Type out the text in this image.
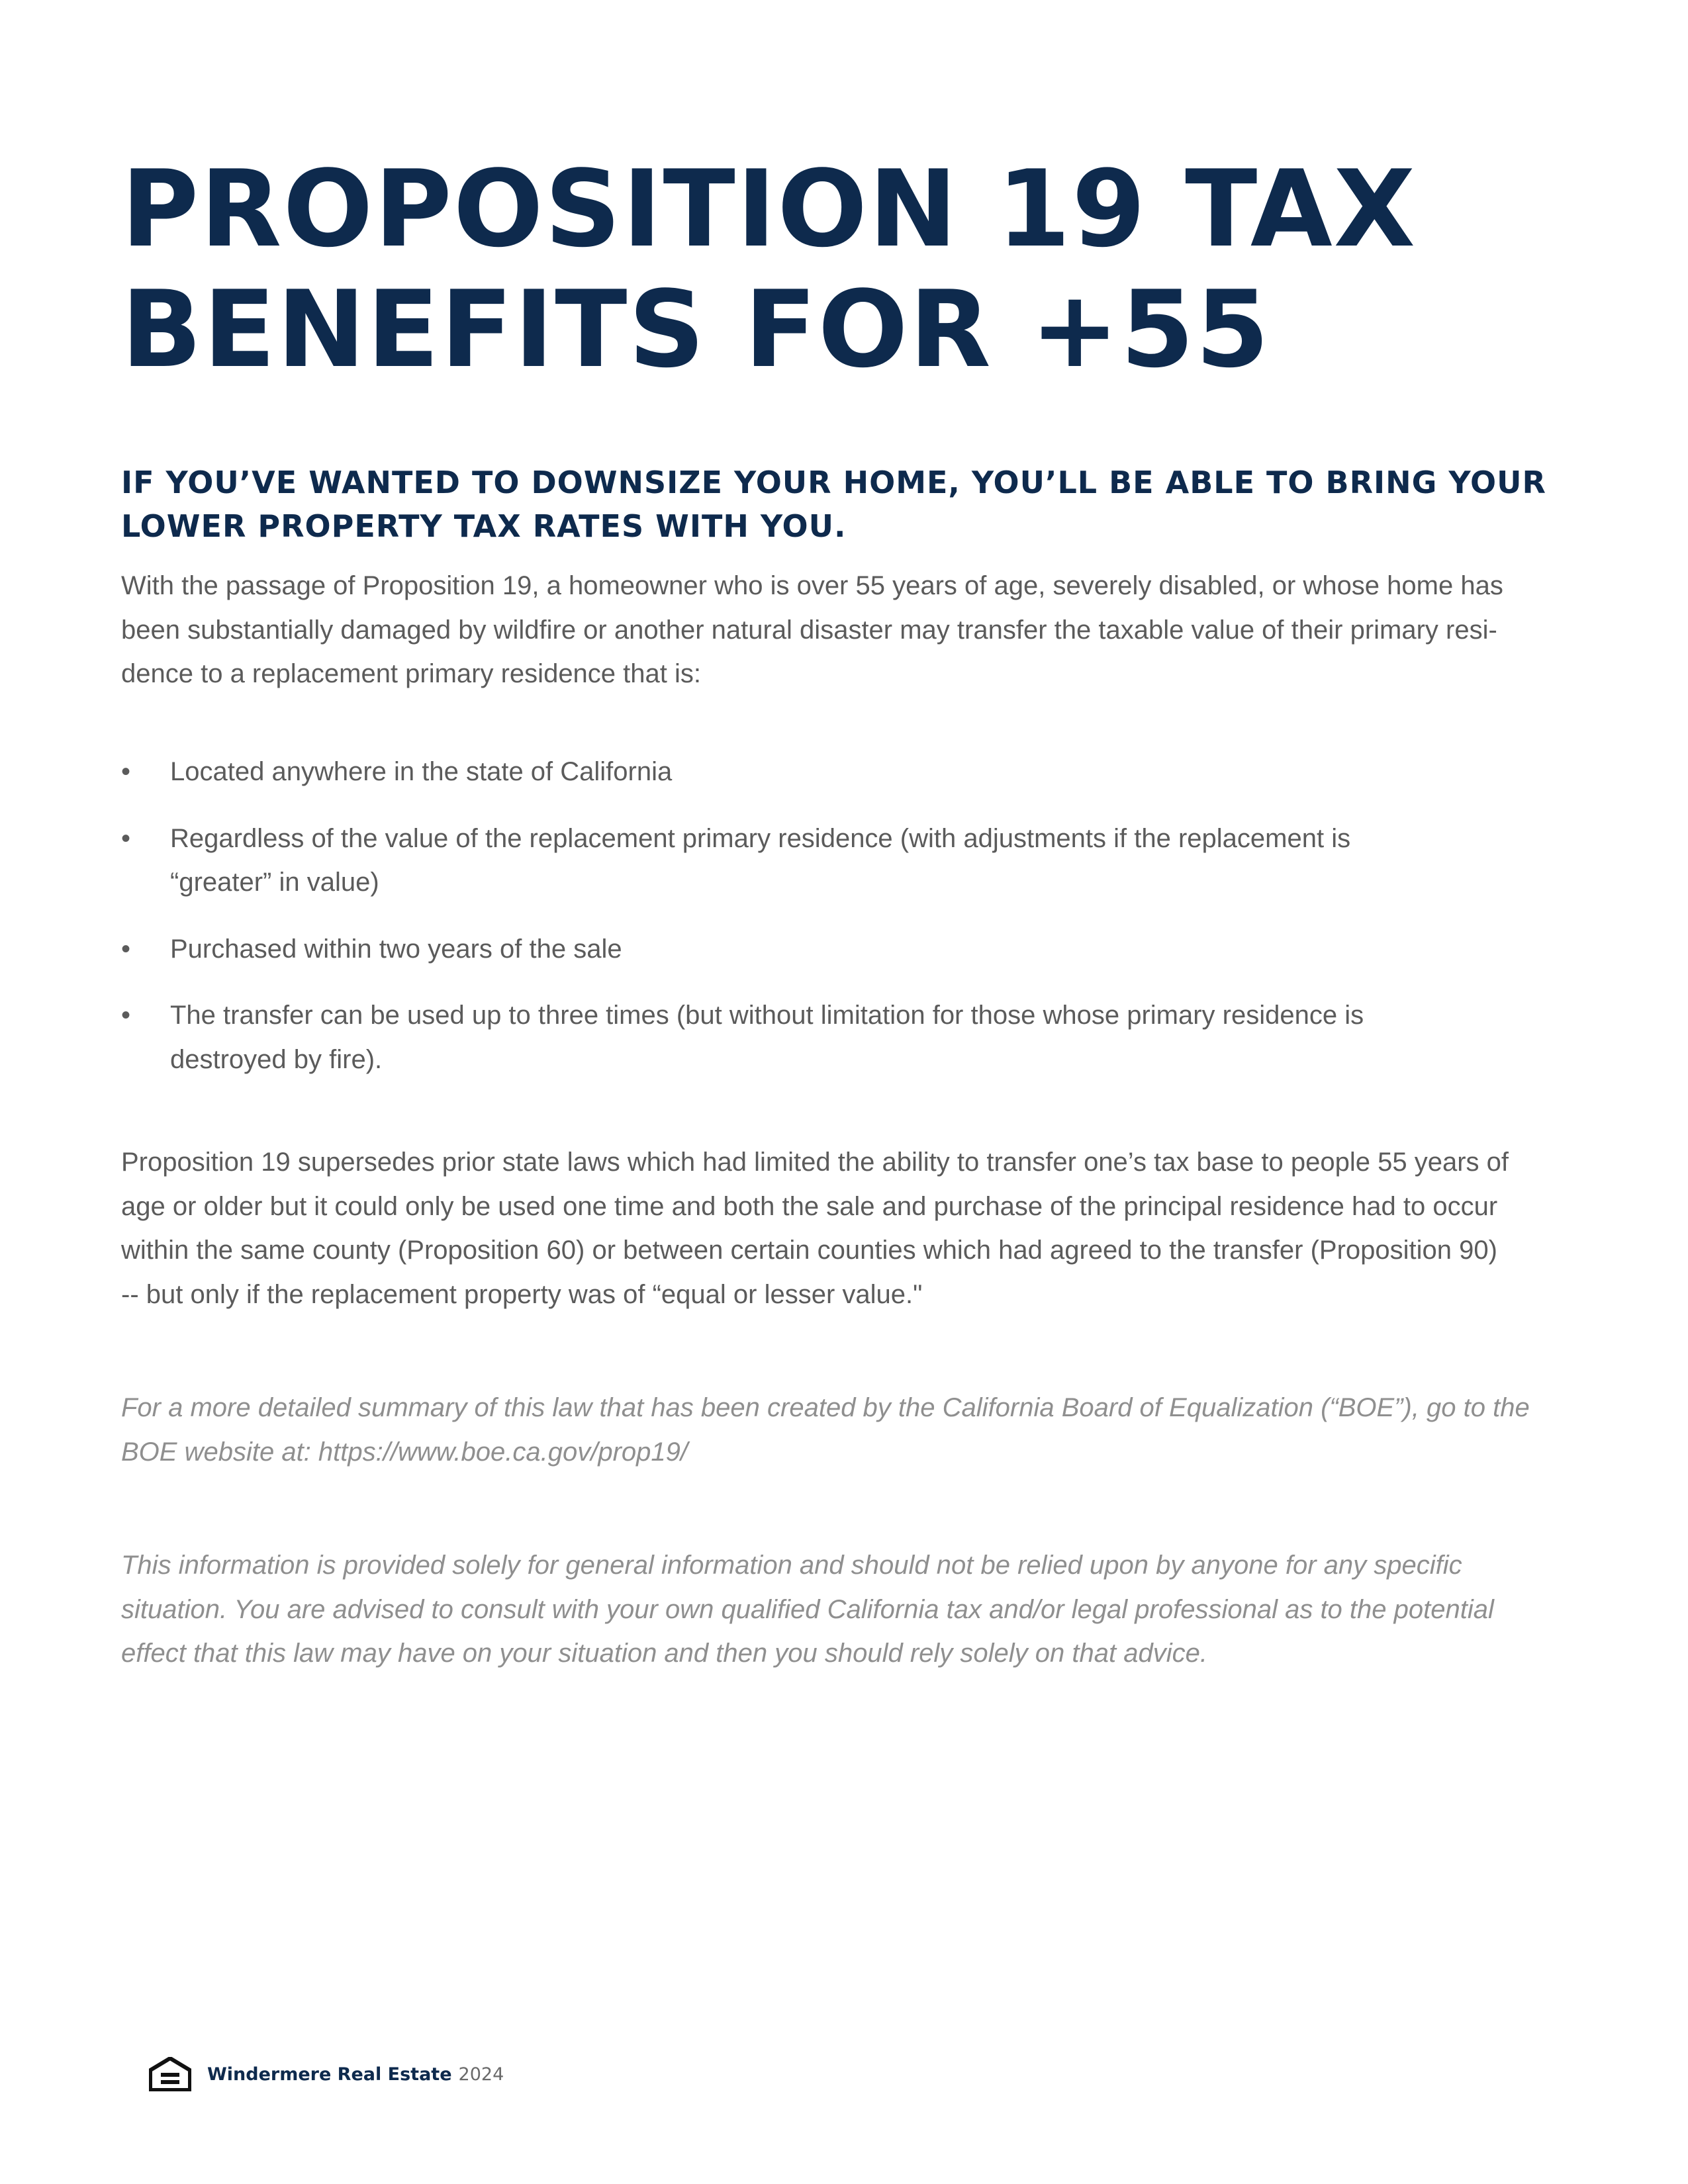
PROPOSITION 19 TAX
BENEFITS FOR +55
IF YOU’VE WANTED TO DOWNSIZE YOUR HOME, YOU’LL BE ABLE TO BRING YOUR
LOWER PROPERTY TAX RATES WITH YOU.

With the passage of Proposition 19, a homeowner who is over 55 years of age, severely disabled, or whose home has
been substantially damaged by wildfire or another natural disaster may transfer the taxable value of their primary resi-
dence to a replacement primary residence that is:

• Located anywhere in the state of California
• Regardless of the value of the replacement primary residence (with adjustments if the replacement is
“greater” in value)
• Purchased within two years of the sale
• The transfer can be used up to three times (but without limitation for those whose primary residence is
destroyed by fire).

Proposition 19 supersedes prior state laws which had limited the ability to transfer one’s tax base to people 55 years of
age or older but it could only be used one time and both the sale and purchase of the principal residence had to occur
within the same county (Proposition 60) or between certain counties which had agreed to the transfer (Proposition 90)
-- but only if the replacement property was of “equal or lesser value."

For a more detailed summary of this law that has been created by the California Board of Equalization (“BOE”), go to the
BOE website at: https://www.boe.ca.gov/prop19/

This information is provided solely for general information and should not be relied upon by anyone for any specific
situation. You are advised to consult with your own qualified California tax and/or legal professional as to the potential
effect that this law may have on your situation and then you should rely solely on that advice.

Windermere Real Estate 2024
